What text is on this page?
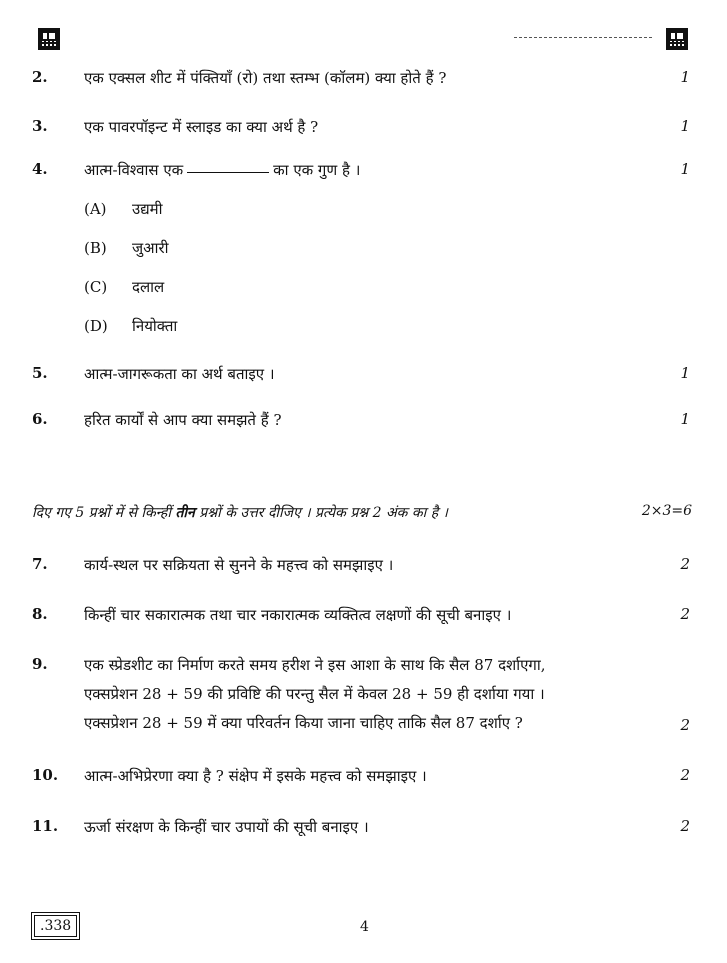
2. एक एक्सल शीट में पंक्तियाँ (रो) तथा स्तम्भ (कॉलम) क्या होते हैं ?	1
3. एक पावरपॉइन्ट में स्लाइड का क्या अर्थ है ?	1
4. आत्म-विश्वास एक	का एक गुण है ।	1
(A) उद्यमी
(B) जुआरी
(C) दलाल
(D) नियोक्ता
5. आत्म-जागरूकता का अर्थ बताइए ।	1
6. हरित कार्यों से आप क्या समझते हैं ?	1
दिए गए 5 प्रश्नों में से किन्हीं तीन प्रश्नों के उत्तर दीजिए । प्रत्येक प्रश्न 2 अंक का है ।	2×3=6
7. कार्य-स्थल पर सक्रियता से सुनने के महत्त्व को समझाइए ।	2
8. किन्हीं चार सकारात्मक तथा चार नकारात्मक व्यक्तित्व लक्षणों की सूची बनाइए ।	2
9. एक स्प्रेडशीट का निर्माण करते समय हरीश ने इस आशा के साथ कि सैल 87 दर्शाएगा,
एक्सप्रेशन 28 + 59 की प्रविष्टि की परन्तु सैल में केवल 28 + 59 ही दर्शाया गया ।
एक्सप्रेशन 28 + 59 में क्या परिवर्तन किया जाना चाहिए ताकि सैल 87 दर्शाए ?	2
10. आत्म-अभिप्रेरणा क्या है ? संक्षेप में इसके महत्त्व को समझाइए ।	2
11. ऊर्जा संरक्षण के किन्हीं चार उपायों की सूची बनाइए ।	2
.338	4
